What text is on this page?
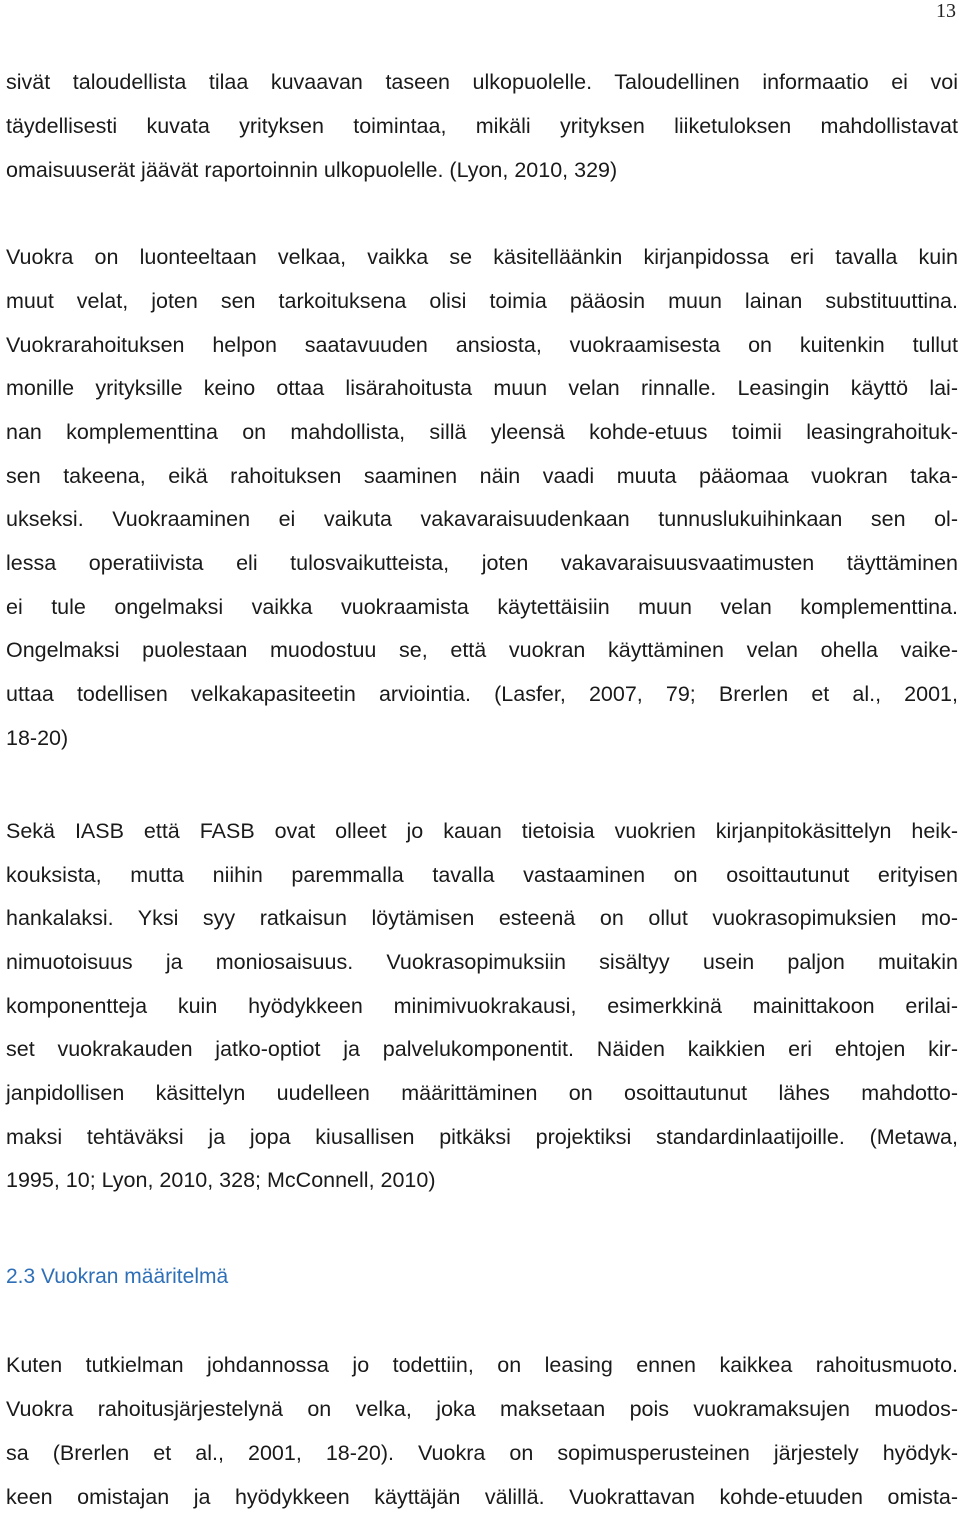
13
sivät taloudellista tilaa kuvaavan taseen ulkopuolelle. Taloudellinen informaatio ei voi
täydellisesti kuvata yrityksen toimintaa, mikäli yrityksen liiketuloksen mahdollistavat
omaisuuserät jäävät raportoinnin ulkopuolelle. (Lyon, 2010, 329)
Vuokra on luonteeltaan velkaa, vaikka se käsitelläänkin kirjanpidossa eri tavalla kuin
muut velat, joten sen tarkoituksena olisi toimia pääosin muun lainan substituuttina.
Vuokrarahoituksen helpon saatavuuden ansiosta, vuokraamisesta on kuitenkin tullut
monille yrityksille keino ottaa lisärahoitusta muun velan rinnalle. Leasingin käyttö lai-
nan komplementtina on mahdollista, sillä yleensä kohde-etuus toimii leasingrahoituk-
sen takeena, eikä rahoituksen saaminen näin vaadi muuta pääomaa vuokran taka-
ukseksi. Vuokraaminen ei vaikuta vakavaraisuudenkaan tunnuslukuihinkaan sen ol-
lessa operatiivista eli tulosvaikutteista, joten vakavaraisuusvaatimusten täyttäminen
ei tule ongelmaksi vaikka vuokraamista käytettäisiin muun velan komplementtina.
Ongelmaksi puolestaan muodostuu se, että vuokran käyttäminen velan ohella vaike-
uttaa todellisen velkakapasiteetin arviointia. (Lasfer, 2007, 79; Brerlen et al., 2001,
18-20)
Sekä IASB että FASB ovat olleet jo kauan tietoisia vuokrien kirjanpitokäsittelyn heik-
kouksista, mutta niihin paremmalla tavalla vastaaminen on osoittautunut erityisen
hankalaksi. Yksi syy ratkaisun löytämisen esteenä on ollut vuokrasopimuksien mo-
nimuotoisuus ja moniosaisuus. Vuokrasopimuksiin sisältyy usein paljon muitakin
komponentteja kuin hyödykkeen minimivuokrakausi, esimerkkinä mainittakoon erilai-
set vuokrakauden jatko-optiot ja palvelukomponentit. Näiden kaikkien eri ehtojen kir-
janpidollisen käsittelyn uudelleen määrittäminen on osoittautunut lähes mahdotto-
maksi tehtäväksi ja jopa kiusallisen pitkäksi projektiksi standardinlaatijoille. (Metawa,
1995, 10; Lyon, 2010, 328; McConnell, 2010)
2.3 Vuokran määritelmä
Kuten tutkielman johdannossa jo todettiin, on leasing ennen kaikkea rahoitusmuoto.
Vuokra rahoitusjärjestelynä on velka, joka maksetaan pois vuokramaksujen muodos-
sa (Brerlen et al., 2001, 18-20). Vuokra on sopimusperusteinen järjestely hyödyk-
keen omistajan ja hyödykkeen käyttäjän välillä. Vuokrattavan kohde-etuuden omista-
